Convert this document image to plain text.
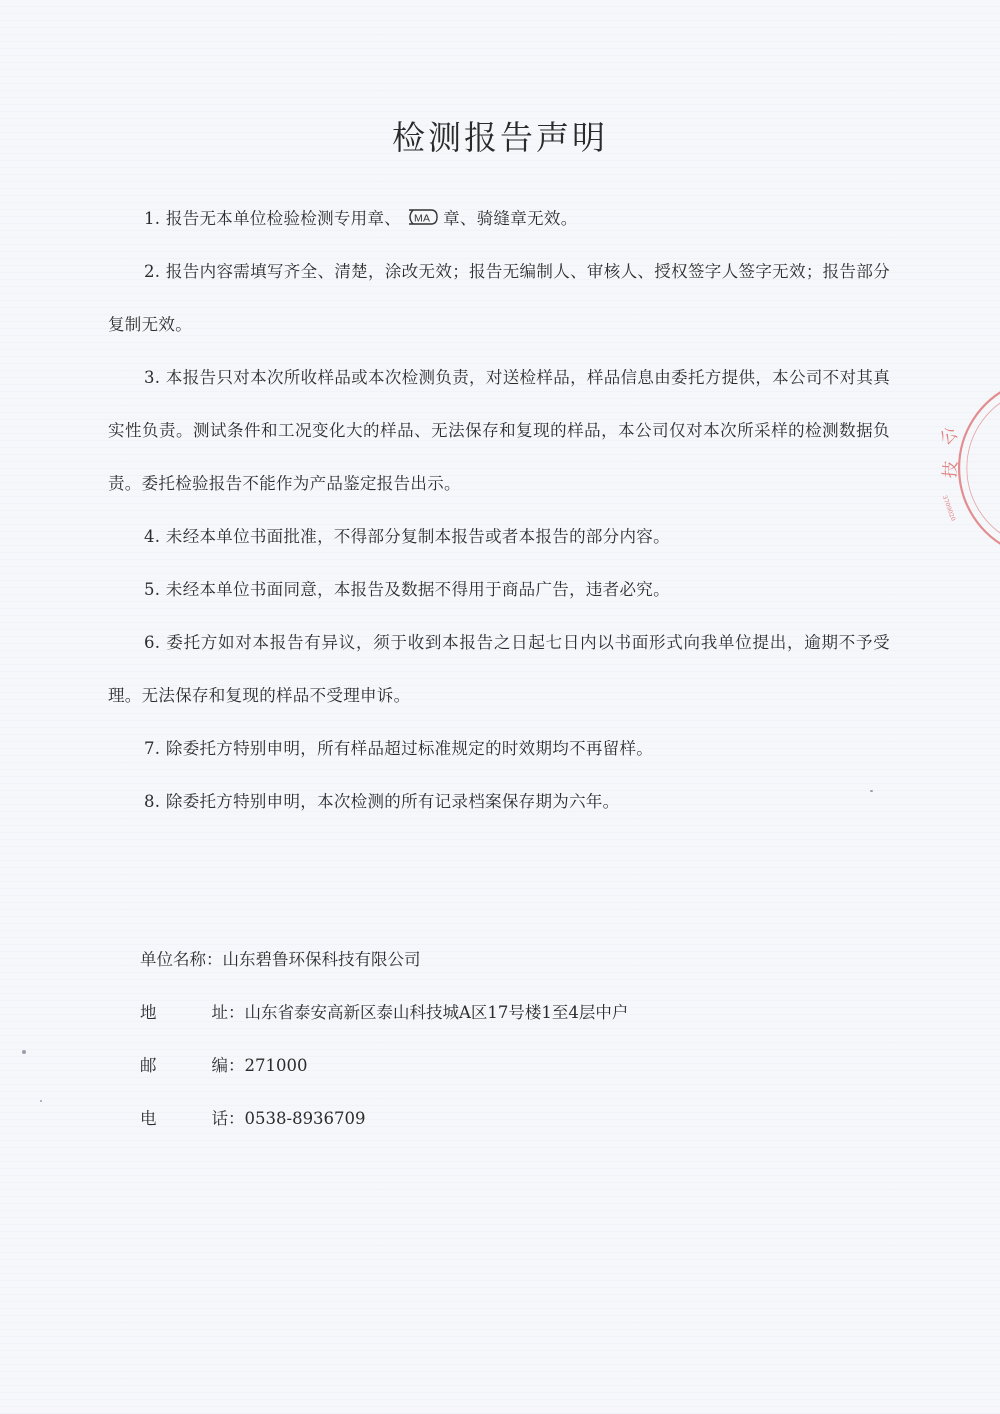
检测报告声明

1. 报告无本单位检验检测专用章、 MA 章、骑缝章无效。

2. 报告内容需填写齐全、清楚，涂改无效；报告无编制人、审核人、授权签字人签字无效；报告部分复制无效。

3. 本报告只对本次所收样品或本次检测负责，对送检样品，样品信息由委托方提供，本公司不对其真实性负责。测试条件和工况变化大的样品、无法保存和复现的样品，本公司仅对本次所采样的检测数据负责。委托检验报告不能作为产品鉴定报告出示。

4. 未经本单位书面批准，不得部分复制本报告或者本报告的部分内容。

5. 未经本单位书面同意，本报告及数据不得用于商品广告，违者必究。

6. 委托方如对本报告有异议，须于收到本报告之日起七日内以书面形式向我单位提出，逾期不予受理。无法保存和复现的样品不受理申诉。

7. 除委托方特别申明，所有样品超过标准规定的时效期均不再留样。

8. 除委托方特别申明，本次检测的所有记录档案保存期为六年。

单位名称 ： 山东碧鲁环保科技有限公司
地	址 ： 山东省泰安高新区泰山科技城A区17号楼1至4层中户
邮	编 ： 271000
电	话 ： 0538-8936709
公
技
3709020
